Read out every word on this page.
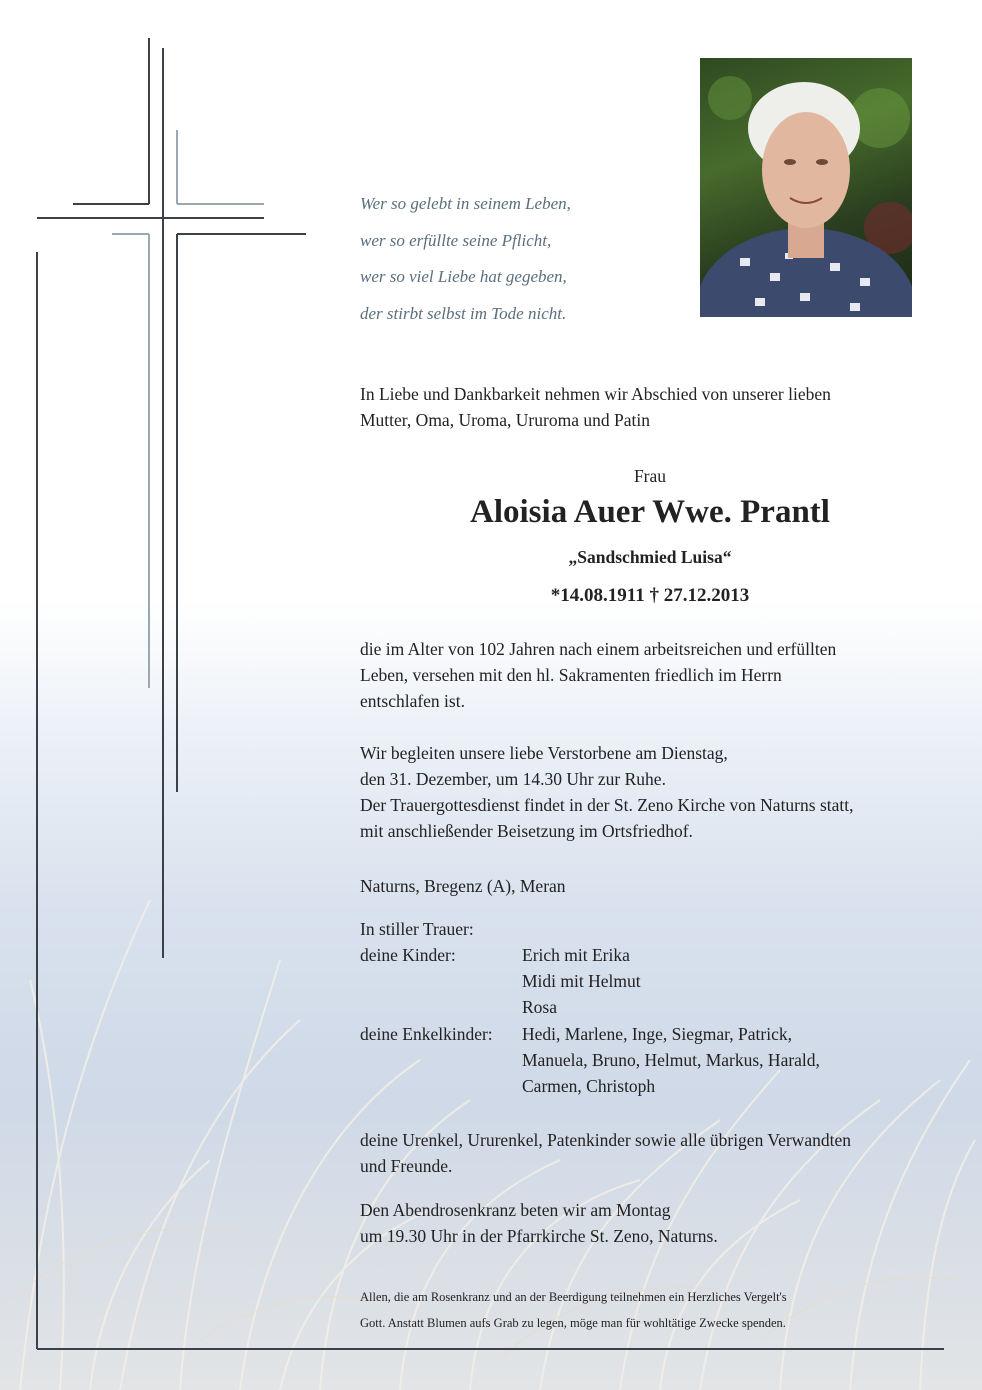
Wer so gelebt in seinem Leben,
wer so erfüllte seine Pflicht,
wer so viel Liebe hat gegeben,
der stirbt selbst im Tode nicht.
In Liebe und Dankbarkeit nehmen wir Abschied von unserer lieben
Mutter, Oma, Uroma, Ururoma und Patin
Frau
Aloisia Auer Wwe. Prantl
„Sandschmied Luisa“
*14.08.1911 † 27.12.2013
die im Alter von 102 Jahren nach einem arbeitsreichen und erfüllten
Leben, versehen mit den hl. Sakramenten friedlich im Herrn
entschlafen ist.
Wir begleiten unsere liebe Verstorbene am Dienstag,
den 31. Dezember, um 14.30 Uhr zur Ruhe.
Der Trauergottesdienst findet in der St. Zeno Kirche von Naturns statt,
mit anschließender Beisetzung im Ortsfriedhof.
Naturns, Bregenz (A), Meran
In stiller Trauer:
deine Kinder:	Erich mit Erika
Midi mit Helmut
Rosa
deine Enkelkinder: Hedi, Marlene, Inge, Siegmar, Patrick,
Manuela, Bruno, Helmut, Markus, Harald,
Carmen, Christoph
deine Urenkel, Ururenkel, Patenkinder sowie alle übrigen Verwandten
und Freunde.
Den Abendrosenkranz beten wir am Montag
um 19.30 Uhr in der Pfarrkirche St. Zeno, Naturns.
Allen, die am Rosenkranz und an der Beerdigung teilnehmen ein Herzliches Vergelt's
Gott. Anstatt Blumen aufs Grab zu legen, möge man für wohltätige Zwecke spenden.
